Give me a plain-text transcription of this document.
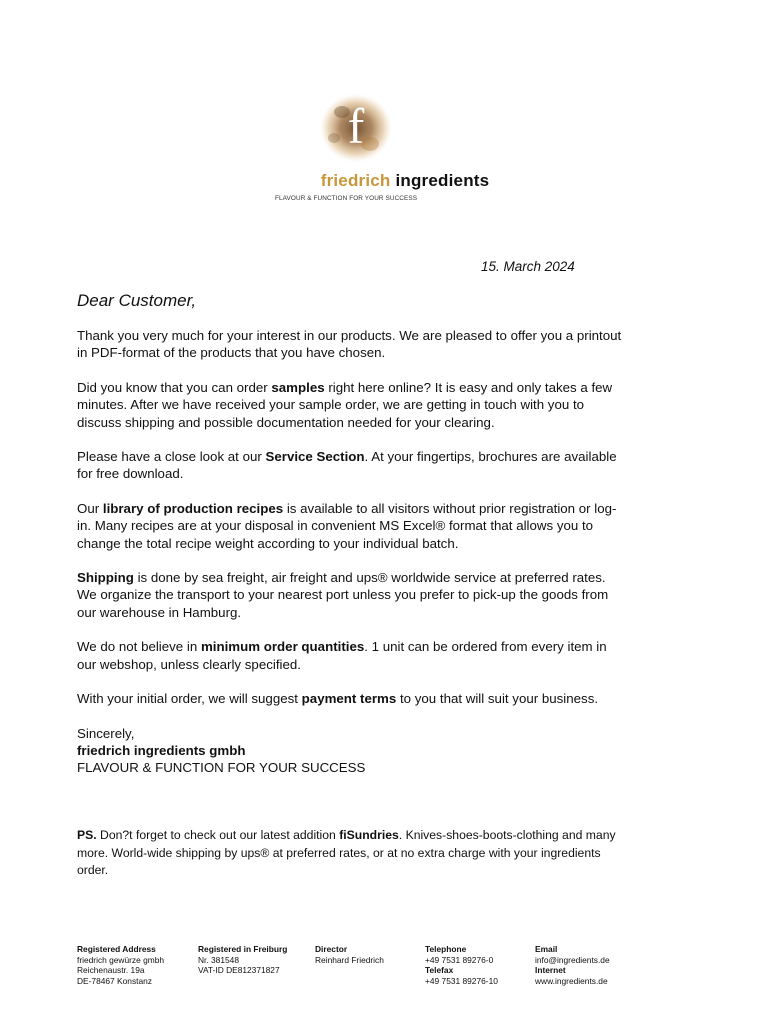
f
friedrich ingredients
FLAVOUR & FUNCTION FOR YOUR SUCCESS
15. March 2024
Dear Customer,

Thank you very much for your interest in our products. We are pleased to offer you a printout in PDF-format of the products that you have chosen.

Did you know that you can order samples right here online? It is easy and only takes a few minutes. After we have received your sample order, we are getting in touch with you to discuss shipping and possible documentation needed for your clearing.

Please have a close look at our Service Section. At your fingertips, brochures are available for free download.

Our library of production recipes is available to all visitors without prior registration or log-in. Many recipes are at your disposal in convenient MS Excel® format that allows you to change the total recipe weight according to your individual batch.

Shipping is done by sea freight, air freight and ups® worldwide service at preferred rates. We organize the transport to your nearest port unless you prefer to pick-up the goods from our warehouse in Hamburg.

We do not believe in minimum order quantities. 1 unit can be ordered from every item in our webshop, unless clearly specified.

With your initial order, we will suggest payment terms to you that will suit your business.

Sincerely,
friedrich ingredients gmbh
FLAVOUR & FUNCTION FOR YOUR SUCCESS
PS. Don?t forget to check out our latest addition fiSundries. Knives-shoes-boots-clothing and many more. World-wide shipping by ups® at preferred rates, or at no extra charge with your ingredients order.
Registered Address
friedrich gewürze gmbh
Reichenaustr. 19a
DE-78467 Konstanz
Registered in Freiburg
Nr. 381548
VAT-ID DE812371827
Director
Reinhard Friedrich
Telephone
+49 7531 89276-0
Telefax
+49 7531 89276-10
Email
info@ingredients.de
Internet
www.ingredients.de
